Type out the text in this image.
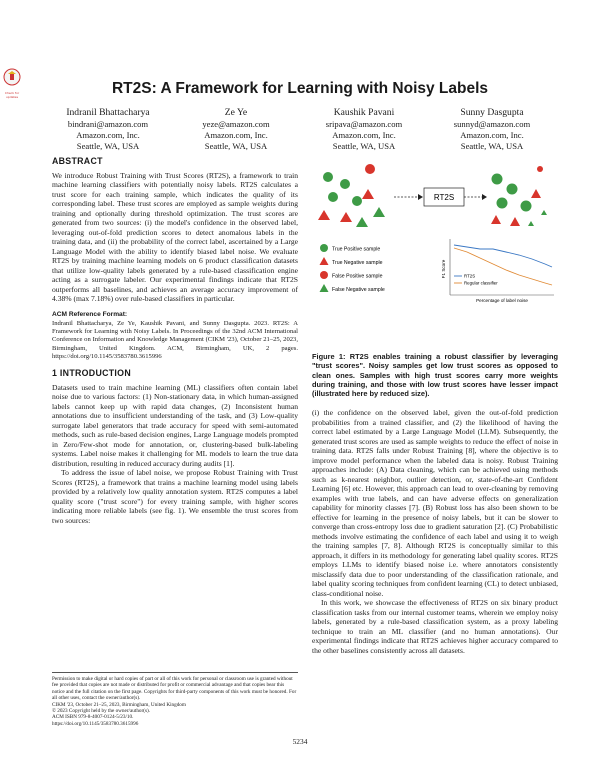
Check for updates	RT2S: A Framework for Learning with Noisy Labels
Indranil Bhattacharya
bindrani@amazon.com
Amazon.com, Inc.
Seattle, WA, USA
Ze Ye
yeze@amazon.com
Amazon.com, Inc.
Seattle, WA, USA
Kaushik Pavani
sripava@amazon.com
Amazon.com, Inc.
Seattle, WA, USA
Sunny Dasgupta
sunnyd@amazon.com
Amazon.com, Inc.
Seattle, WA, USA
ABSTRACT

We introduce Robust Training with Trust Scores (RT2S), a framework to train machine learning classifiers with potentially noisy labels. RT2S calculates a trust score for each training sample, which indicates the quality of its corresponding label. These trust scores are employed as sample weights during training and optionally during threshold optimization. The trust scores are generated from two sources: (i) the model's confidence in the observed label, leveraging out-of-fold prediction scores to detect anomalous labels in the training data, and (ii) the probability of the correct label, ascertained by a Large Language Model with the ability to identify biased label noise. We evaluate RT2S by training machine learning models on 6 product classification datasets that utilize low-quality labels generated by a rule-based classification engine acting as a surrogate labeler. Our experimental findings indicate that RT2S outperforms all baselines, and achieves an average accuracy improvement of 4.38% (max 7.18%) over rule-based classifiers in particular.

ACM Reference Format:
Indranil Bhattacharya, Ze Ye, Kaushik Pavani, and Sunny Dasgupta. 2023. RT2S: A Framework for Learning with Noisy Labels. In Proceedings of the 32nd ACM International Conference on Information and Knowledge Management (CIKM '23), October 21–25, 2023, Birmingham, United Kingdom. ACM, Birmingham, UK, 2 pages. https://doi.org/10.1145/3583780.3615996
1 INTRODUCTION

Datasets used to train machine learning (ML) classifiers often contain label noise due to various factors: (1) Non-stationary data, in which human-assigned labels cannot keep up with rapid data changes, (2) Inconsistent human annotations due to insufficient understanding of the task, and (3) Low-quality surrogate label generators that trade accuracy for speed with semi-automated methods, such as rule-based decision engines, Large Language models prompted in Zero/Few-shot mode for annotation, or, clustering-based bulk-labeling systems. Label noise makes it challenging for ML models to learn the true data distribution, resulting in reduced accuracy during audits [1].

To address the issue of label noise, we propose Robust Training with Trust Scores (RT2S), a framework that trains a machine learning model using labels provided by a relatively low quality annotation system. RT2S computes a label quality score ("trust score") for every training sample, with higher scores indicating more reliable labels (see fig. 1). We ensemble the trust scores from two sources:

Permission to make digital or hard copies of part or all of this work for personal or classroom use is granted without fee provided that copies are not made or distributed for profit or commercial advantage and that copies bear this notice and the full citation on the first page. Copyrights for third-party components of this work must be honored. For all other uses, contact the owner/author(s).
CIKM '23, October 21–25, 2023, Birmingham, United Kingdom
© 2023 Copyright held by the owner/author(s).
ACM ISBN 979-8-4007-0124-5/23/10.
https://doi.org/10.1145/3583780.3615996
RT2S
True Positive sample
True Negative sample
False Positive sample
False Negative sample
F1 Score
Percentage of label noise
RT2S
Regular classifier
Figure 1: RT2S enables training a robust classifier by leveraging "trust scores". Noisy samples get low trust scores as opposed to clean ones. Samples with high trust scores carry more weights during training, and those with low trust scores have lesser impact (illustrated here by reduced size).

(i) the confidence on the observed label, given the out-of-fold prediction probabilities from a trained classifier, and (2) the likelihood of having the correct label estimated by a Large Language Model (LLM). Subsequently, the generated trust scores are used as sample weights to reduce the effect of noise in training data. RT2S falls under Robust Training [8], where the objective is to improve model performance when the labeled data is noisy. Robust Training approaches include: (A) Data cleaning, which can be achieved using methods such as k-nearest neighbor, outlier detection, or, state-of-the-art Confident Learning [6] etc. However, this approach can lead to over-cleaning by removing examples with true labels, and can have adverse effects on generalization capability for minority classes [7]. (B) Robust loss has also been shown to be effective for learning in the presence of noisy labels, but it can be slower to converge than cross-entropy loss due to gradient saturation [2]. (C) Probabilistic methods involve estimating the confidence of each label and using it to weigh the training samples [7, 8]. Although RT2S is conceptually similar to this approach, it differs in its methodology for generating label quality scores. RT2S employs LLMs to identify biased noise i.e. where annotators consistently misclassify data due to poor understanding of the classification rationale, and label quality scoring techniques from confident learning (CL) to detect unbiased, class-conditional noise.

In this work, we showcase the effectiveness of RT2S on six binary product classification tasks from our internal customer teams, wherein we employ noisy labels, generated by a rule-based classification system, as a proxy labeling technique to train an ML classifier (and no human annotations). Our experimental findings indicate that RT2S achieves higher accuracy compared to the other baselines consistently across all datasets.

5234
